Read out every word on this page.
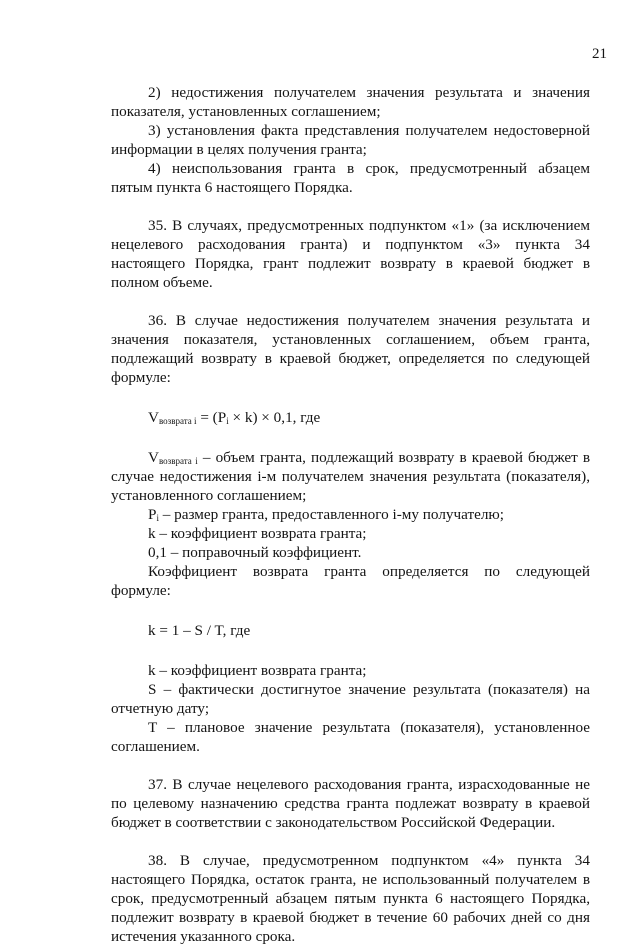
21

2) недостижения получателем значения результата и значения показателя, установленных соглашением;

3) установления факта представления получателем недостоверной информации в целях получения гранта;

4) неиспользования гранта в срок, предусмотренный абзацем пятым пункта 6 настоящего Порядка.

35. В случаях, предусмотренных подпунктом «1» (за исключением нецелевого расходования гранта) и подпунктом «3» пункта 34 настоящего Порядка, грант подлежит возврату в краевой бюджет в полном объеме.

36. В случае недостижения получателем значения результата и значения показателя, установленных соглашением, объем гранта, подлежащий возврату в краевой бюджет, определяется по следующей формуле:

$V_{возврата i} = (P_i \times k) \times 0,1$, где

$V_{возврата i}$ – объем гранта, подлежащий возврату в краевой бюджет в случае недостижения i-м получателем значения результата (показателя), установленного соглашением;

$P_i$ – размер гранта, предоставленного i-му получателю;

k – коэффициент возврата гранта;

0,1 – поправочный коэффициент.

Коэффициент возврата гранта определяется по следующей формуле:

k = 1 – S / T, где

k – коэффициент возврата гранта;

S – фактически достигнутое значение результата (показателя) на отчетную дату;

T – плановое значение результата (показателя), установленное соглашением.

37. В случае нецелевого расходования гранта, израсходованные не по целевому назначению средства гранта подлежат возврату в краевой бюджет в соответствии с законодательством Российской Федерации.

38. В случае, предусмотренном подпунктом «4» пункта 34 настоящего Порядка, остаток гранта, не использованный получателем в срок, предусмотренный абзацем пятым пункта 6 настоящего Порядка, подлежит возврату в краевой бюджет в течение 60 рабочих дней со дня истечения указанного срока.
